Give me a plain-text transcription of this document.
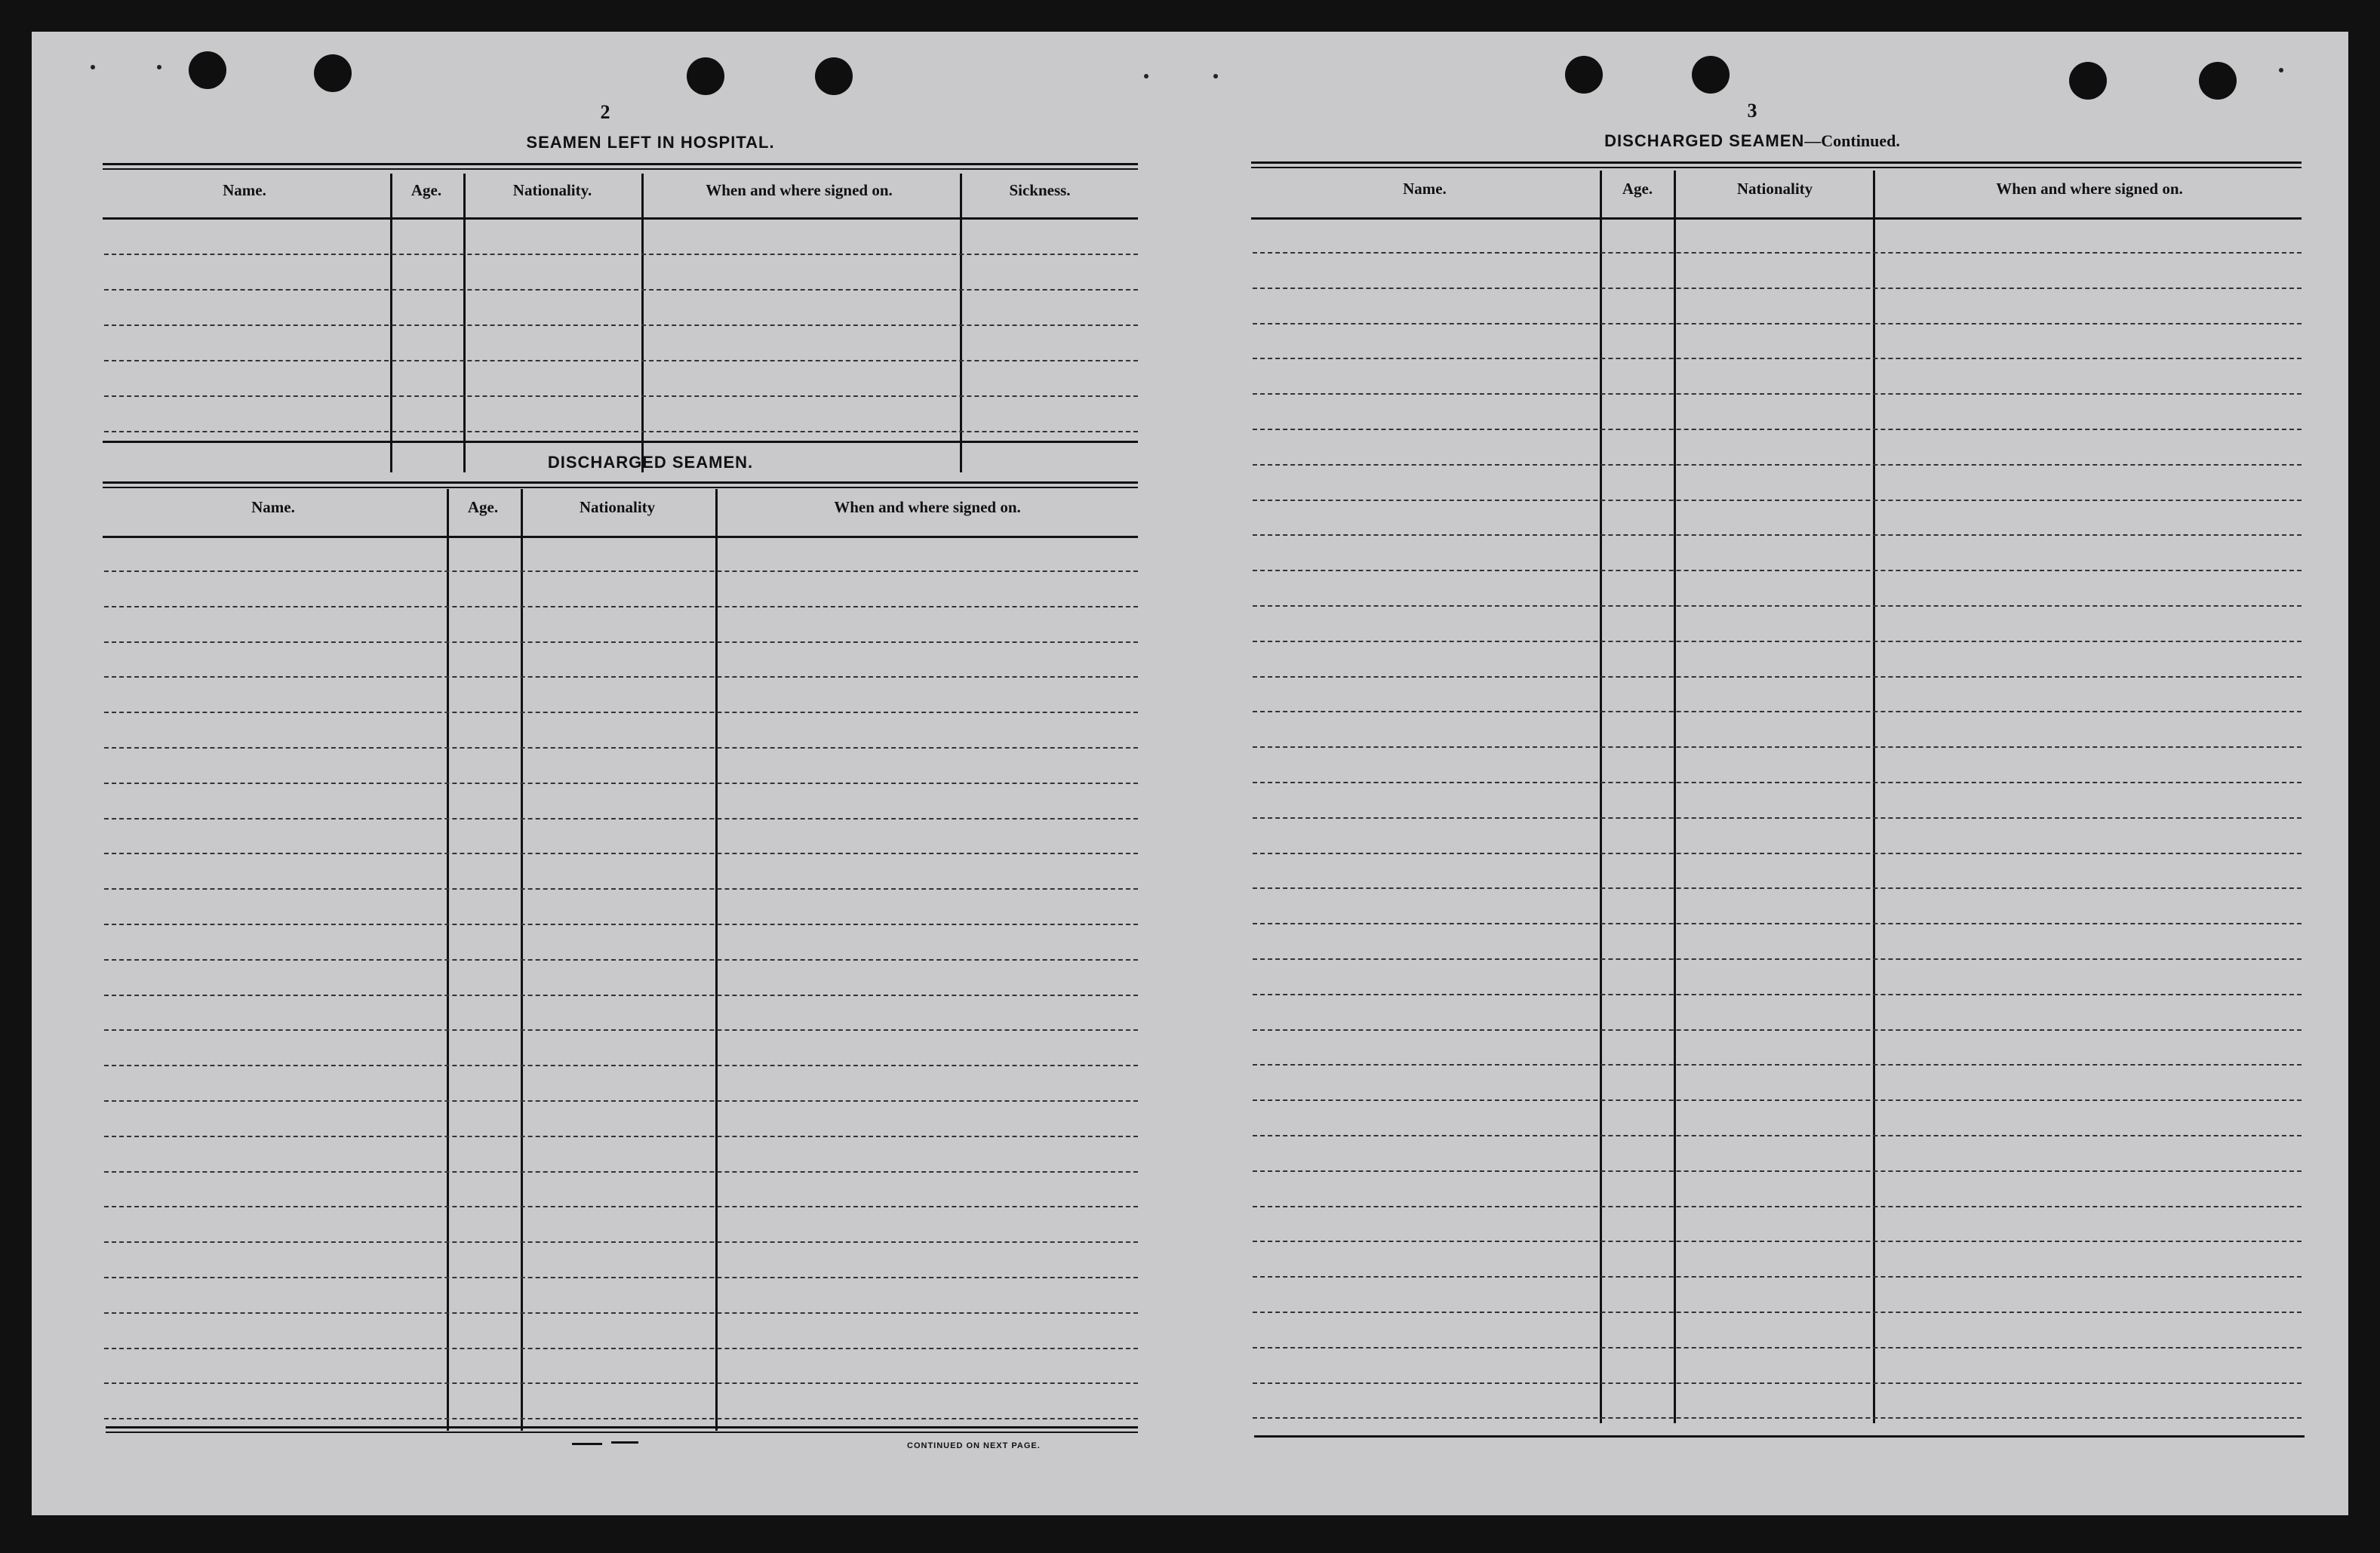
2
SEAMEN LEFT IN HOSPITAL.
Name.	Age.	Nationality.	When and where signed on.	Sickness.
DISCHARGED SEAMEN.
Name.	Age.	Nationality	When and where signed on.
CONTINUED ON NEXT PAGE.
3
DISCHARGED SEAMEN—Continued.
Name.	Age.	Nationality	When and where signed on.
